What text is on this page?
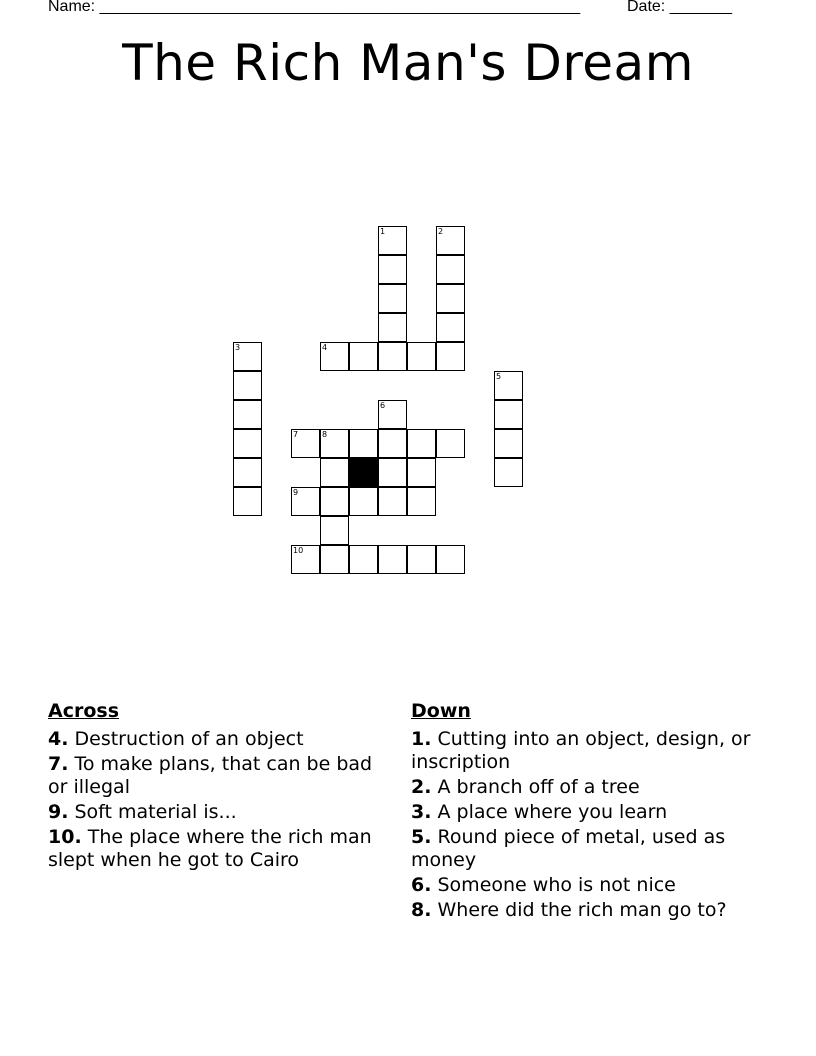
Name: ______________________________________________________	Date: _______
The Rich Man's Dream
1	2
3	4
5
6
7	8
9
10
Across
4. Destruction of an object
7. To make plans, that can be bad or illegal
9. Soft material is...
10. The place where the rich man slept when he got to Cairo
Down
1. Cutting into an object, design, or inscription
2. A branch off of a tree
3. A place where you learn
5. Round piece of metal, used as money
6. Someone who is not nice
8. Where did the rich man go to?
